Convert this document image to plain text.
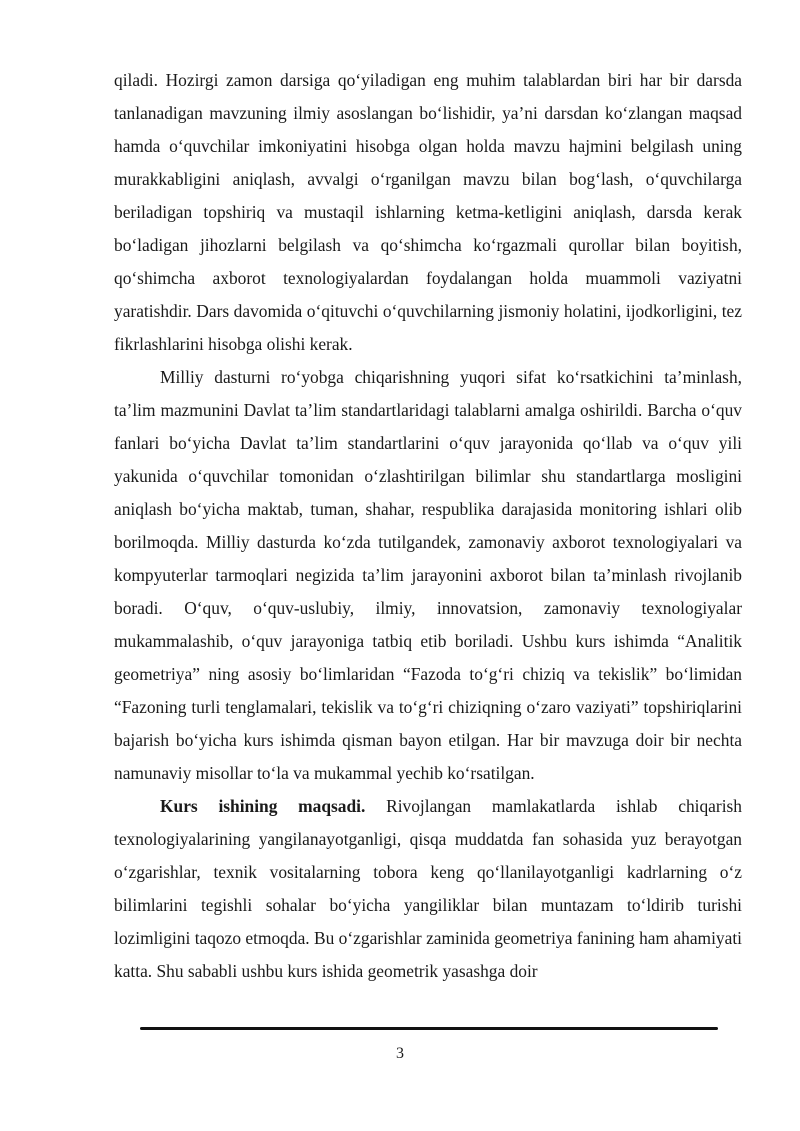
qiladi. Hozirgi zamon darsiga qoʻyiladigan eng muhim talablardan biri har bir darsda tanlanadigan mavzuning ilmiy asoslangan boʻlishidir, yaʼni darsdan koʻzlangan maqsad hamda oʻquvchilar imkoniyatini hisobga olgan holda mavzu hajmini belgilash uning murakkabligini aniqlash, avvalgi oʻrganilgan mavzu bilan bogʻlash, oʻquvchilarga beriladigan topshiriq va mustaqil ishlarning ketma-ketligini aniqlash, darsda kerak boʻladigan jihozlarni belgilash va qoʻshimcha koʻrgazmali qurollar bilan boyitish, qoʻshimcha axborot texnologiyalardan foydalangan holda muammoli vaziyatni yaratishdir. Dars davomida oʻqituvchi oʻquvchilarning jismoniy holatini, ijodkorligini, tez fikrlashlarini hisobga olishi kerak.

Milliy dasturni roʻyobga chiqarishning yuqori sifat koʻrsatkichini taʼminlash, taʼlim mazmunini Davlat taʼlim standartlaridagi talablarni amalga oshirildi. Barcha oʻquv fanlari boʻyicha Davlat taʼlim standartlarini oʻquv jarayonida qoʻllab va oʻquv yili yakunida oʻquvchilar tomonidan oʻzlashtirilgan bilimlar shu standartlarga mosligini aniqlash boʻyicha maktab, tuman, shahar, respublika darajasida monitoring ishlari olib borilmoqda. Milliy dasturda koʻzda tutilgandek, zamonaviy axborot texnologiyalari va kompyuterlar tarmoqlari negizida taʼlim jarayonini axborot bilan taʼminlash rivojlanib boradi. Oʻquv, oʻquv-uslubiy, ilmiy, innovatsion, zamonaviy texnologiyalar mukammalashib, oʻquv jarayoniga tatbiq etib boriladi. Ushbu kurs ishimda “Analitik geometriya” ning asosiy boʻlimlaridan “Fazoda toʻgʻri chiziq va tekislik” boʻlimidan “Fazoning turli tenglamalari, tekislik va toʻgʻri chiziqning oʻzaro vaziyati” topshiriqlarini bajarish boʻyicha kurs ishimda qisman bayon etilgan. Har bir mavzuga doir bir nechta namunaviy misollar toʻla va mukammal yechib koʻrsatilgan.

Kurs ishining maqsadi. Rivojlangan mamlakatlarda ishlab chiqarish texnologiyalarining yangilanayotganligi, qisqa muddatda fan sohasida yuz berayotgan oʻzgarishlar, texnik vositalarning tobora keng qoʻllanilayotganligi kadrlarning oʻz bilimlarini tegishli sohalar boʻyicha yangiliklar bilan muntazam toʻldirib turishi lozimligini taqozo etmoqda. Bu oʻzgarishlar zaminida geometriya fanining ham ahamiyati katta. Shu sababli ushbu kurs ishida geometrik yasashga doir

3
